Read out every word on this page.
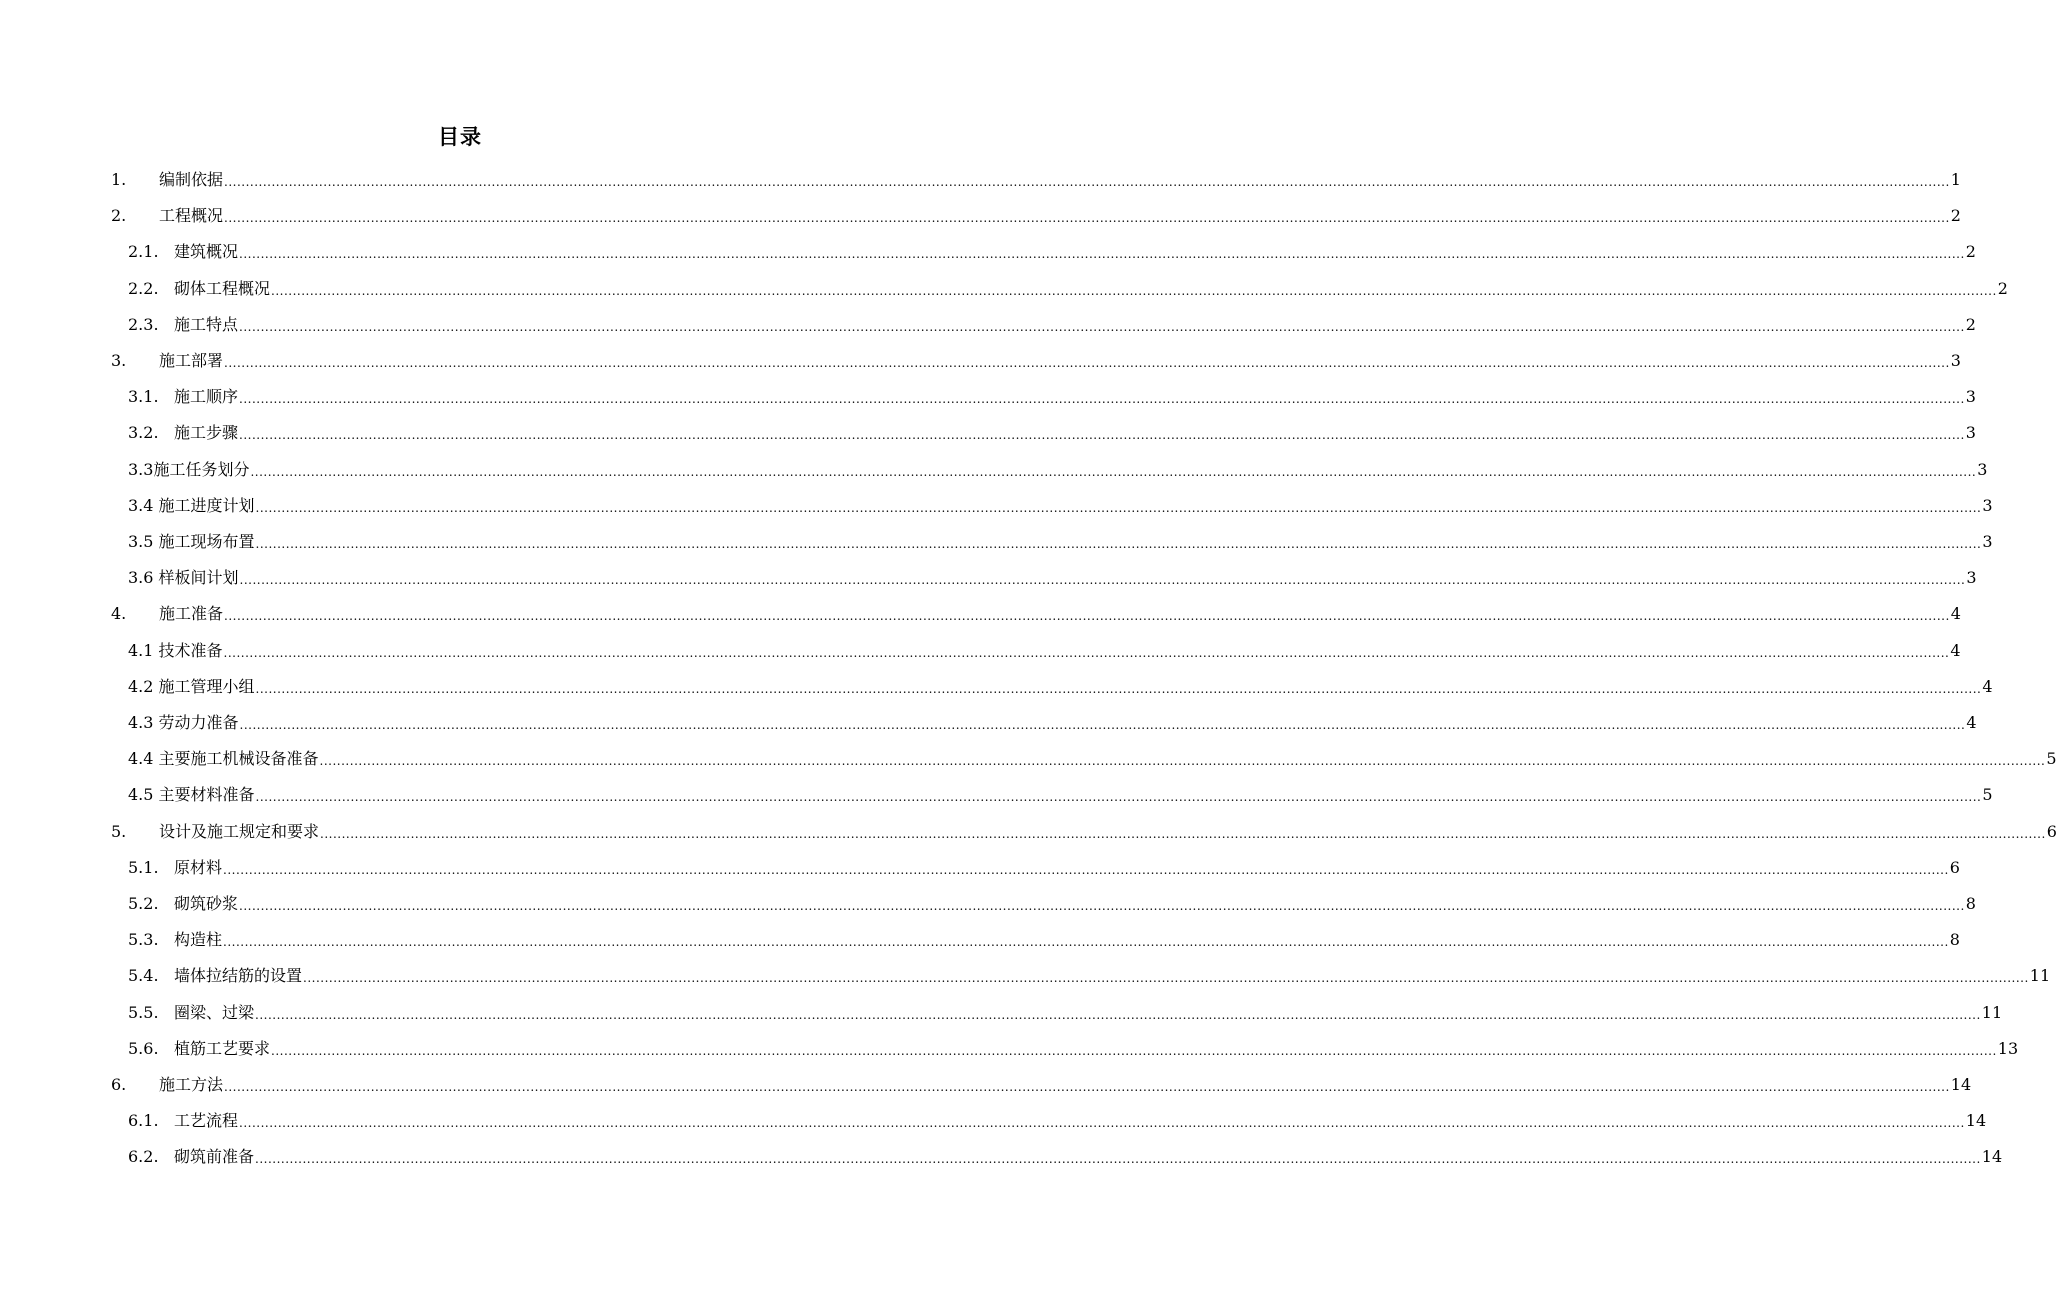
目录
1.	编制依据 ................................................................................................................................................................................................................................................................................................................................................................................................................ 1
2.	工程概况 ................................................................................................................................................................................................................................................................................................................................................................................................................ 2
2.1. 建筑概况 ................................................................................................................................................................................................................................................................................................................................................................................................................ 2
2.2. 砌体工程概况 ................................................................................................................................................................................................................................................................................................................................................................................................................ 2
2.3. 施工特点 ................................................................................................................................................................................................................................................................................................................................................................................................................ 2
3.	施工部署 ................................................................................................................................................................................................................................................................................................................................................................................................................ 3
3.1. 施工顺序 ................................................................................................................................................................................................................................................................................................................................................................................................................ 3
3.2. 施工步骤 ................................................................................................................................................................................................................................................................................................................................................................................................................ 3
3.3施工任务划分 ................................................................................................................................................................................................................................................................................................................................................................................................................ 3
3.4 施工进度计划 ................................................................................................................................................................................................................................................................................................................................................................................................................ 3
3.5 施工现场布置 ................................................................................................................................................................................................................................................................................................................................................................................................................ 3
3.6 样板间计划 ................................................................................................................................................................................................................................................................................................................................................................................................................ 3
4.	施工准备 ................................................................................................................................................................................................................................................................................................................................................................................................................ 4
4.1 技术准备 ................................................................................................................................................................................................................................................................................................................................................................................................................ 4
4.2 施工管理小组 ................................................................................................................................................................................................................................................................................................................................................................................................................ 4
4.3 劳动力准备 ................................................................................................................................................................................................................................................................................................................................................................................................................ 4
4.4 主要施工机械设备准备 ................................................................................................................................................................................................................................................................................................................................................................................................................ 5
4.5 主要材料准备 ................................................................................................................................................................................................................................................................................................................................................................................................................ 5
5.	设计及施工规定和要求 ................................................................................................................................................................................................................................................................................................................................................................................................................ 6
5.1. 原材料 ................................................................................................................................................................................................................................................................................................................................................................................................................ 6
5.2. 砌筑砂浆 ................................................................................................................................................................................................................................................................................................................................................................................................................ 8
5.3. 构造柱 ................................................................................................................................................................................................................................................................................................................................................................................................................ 8
5.4. 墙体拉结筋的设置 ................................................................................................................................................................................................................................................................................................................................................................................................................ 11
5.5. 圈梁、过梁 ................................................................................................................................................................................................................................................................................................................................................................................................................ 11
5.6. 植筋工艺要求 ................................................................................................................................................................................................................................................................................................................................................................................................................ 13
6.	施工方法 ................................................................................................................................................................................................................................................................................................................................................................................................................ 14
6.1. 工艺流程 ................................................................................................................................................................................................................................................................................................................................................................................................................ 14
6.2. 砌筑前准备 ................................................................................................................................................................................................................................................................................................................................................................................................................ 14
